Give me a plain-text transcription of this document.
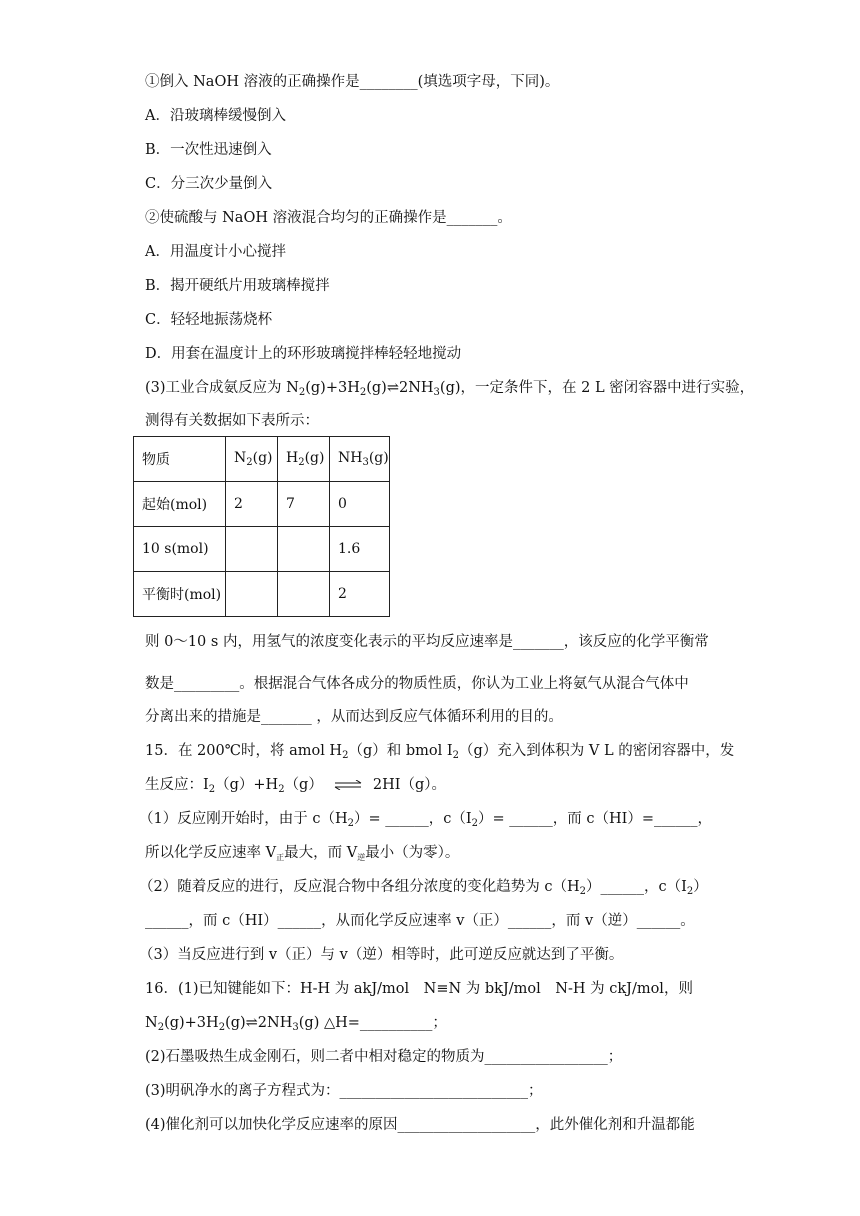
①倒入 NaOH 溶液的正确操作是________(填选项字母，下同)。
A．沿玻璃棒缓慢倒入
B．一次性迅速倒入
C．分三次少量倒入
②使硫酸与 NaOH 溶液混合均匀的正确操作是_______。
A．用温度计小心搅拌
B．揭开硬纸片用玻璃棒搅拌
C．轻轻地振荡烧杯
D．用套在温度计上的环形玻璃搅拌棒轻轻地搅动
(3)工业合成氨反应为 $N_2(g)+3H_2(g)\rightleftharpoons 2NH_3(g)$，一定条件下，在 2 L 密闭容器中进行实验，
测得有关数据如下表所示：
物质	$N_2(g)$	$H_2(g)$	$NH_3(g)$
起始(mol)	2	7	0
10 s(mol)			1.6
平衡时(mol)			2
则 0～10 s 内，用氢气的浓度变化表示的平均反应速率是_______，该反应的化学平衡常
数是_________。根据混合气体各成分的物质性质，你认为工业上将氨气从混合气体中
分离出来的措施是_______ ，从而达到反应气体循环利用的目的。
15．在 200℃时，将 amol $H_2(g)$和 bmol $I_2(g)$充入到体积为 V L 的密闭容器中，发
生反应：$I_2(g)+H_2(g)$ ⇌ 2HI（g）。
（1）反应刚开始时，由于 $c(H_2)=$ ______，$c(I_2)=$ ______，而 c（HI）=______，
所以化学反应速率 $V_正$最大，而 $V_逆$最小（为零）。
（2）随着反应的进行，反应混合物中各组分浓度的变化趋势为 $c(H_2)\_\_\_\_\_\_$，$c(I_2)$
______，而 c（HI）______，从而化学反应速率 v（正）______，而 v（逆）______。
（3）当反应进行到 v（正）与 v（逆）相等时，此可逆反应就达到了平衡。
16．(1)已知键能如下：H-H 为 akJ/mol　N≡N 为 bkJ/mol　N-H 为 ckJ/mol，则
$N_2(g)+3H_2(g)\rightleftharpoons 2NH_3(g)$ △H=__________；
(2)石墨吸热生成金刚石，则二者中相对稳定的物质为_________________；
(3)明矾净水的离子方程式为：__________________________；
(4)催化剂可以加快化学反应速率的原因___________________，此外催化剂和升温都能
